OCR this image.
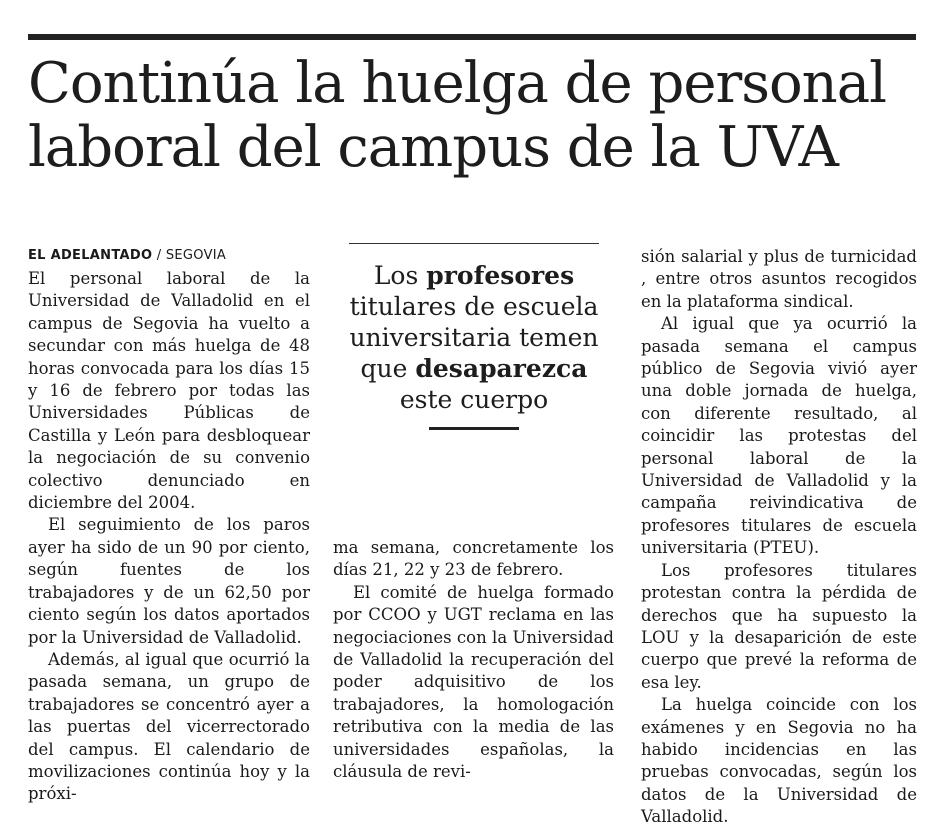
Continúa la huelga de personal
laboral del campus de la UVA
EL ADELANTADO / SEGOVIA

El personal laboral de la Universidad de Valladolid en el campus de Segovia ha vuelto a secundar con más huelga de 48 horas convocada para los días 15 y 16 de febrero por todas las Universidades Públicas de Castilla y León para desbloquear la negociación de su convenio colectivo denunciado en diciembre del 2004.

El seguimiento de los paros ayer ha sido de un 90 por ciento, según fuentes de los trabajadores y de un 62,50 por ciento según los datos aportados por la Universidad de Valladolid.

Además, al igual que ocurrió la pasada semana, un grupo de trabajadores se concentró ayer a las puertas del vicerrectorado del campus. El calendario de movilizaciones continúa hoy y la próxi-

Los profesores titulares de escuela universitaria temen que desaparezca este cuerpo

ma semana, concretamente los días 21, 22 y 23 de febrero.

El comité de huelga formado por CCOO y UGT reclama en las negociaciones con la Universidad de Valladolid la recuperación del poder adquisitivo de los trabajadores, la homologación retributiva con la media de las universidades españolas, la cláusula de revi-

sión salarial y plus de turnicidad , entre otros asuntos recogidos en la plataforma sindical.

Al igual que ya ocurrió la pasada semana el campus público de Segovia vivió ayer una doble jornada de huelga, con diferente resultado, al coincidir las protestas del personal laboral de la Universidad de Valladolid y la campaña reivindicativa de profesores titulares de escuela universitaria (PTEU).

Los profesores titulares protestan contra la pérdida de derechos que ha supuesto la LOU y la desaparición de este cuerpo que prevé la reforma de esa ley.

La huelga coincide con los exámenes y en Segovia no ha habido incidencias en las pruebas convocadas, según los datos de la Universidad de Valladolid.
